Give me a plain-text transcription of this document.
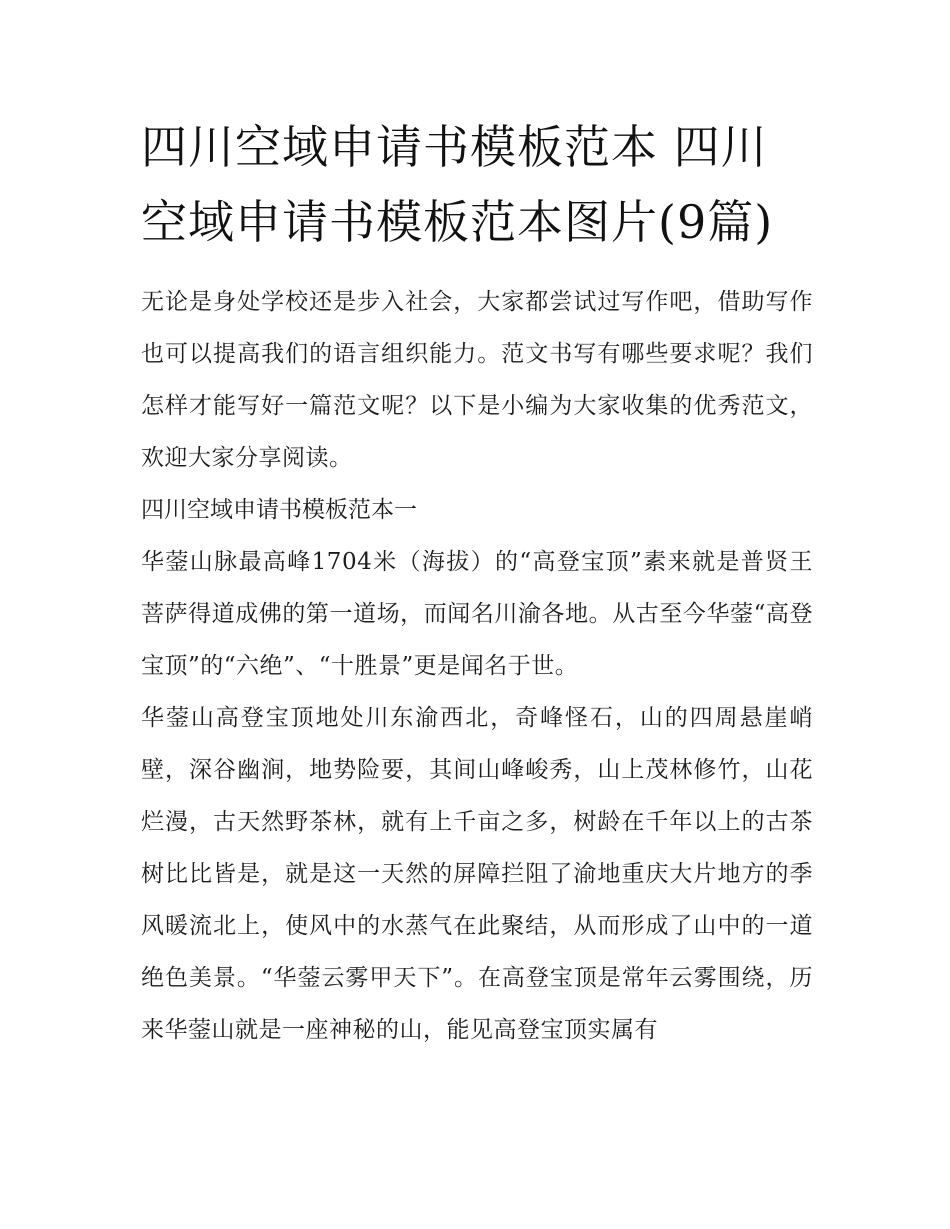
四川空域申请书模板范本 四川空域申请书模板范本图片(9篇)

无论是身处学校还是步入社会，大家都尝试过写作吧，借助写作也可以提高我们的语言组织能力。范文书写有哪些要求呢？我们怎样才能写好一篇范文呢？以下是小编为大家收集的优秀范文，欢迎大家分享阅读。

四川空域申请书模板范本一

华蓥山脉最高峰1704米（海拔）的“高登宝顶”素来就是普贤王菩萨得道成佛的第一道场，而闻名川渝各地。从古至今华蓥“高登宝顶”的“六绝”、“十胜景”更是闻名于世。

华蓥山高登宝顶地处川东渝西北，奇峰怪石，山的四周悬崖峭壁，深谷幽涧，地势险要，其间山峰峻秀，山上茂林修竹，山花烂漫，古天然野茶林，就有上千亩之多，树龄在千年以上的古茶树比比皆是，就是这一天然的屏障拦阻了渝地重庆大片地方的季风暖流北上，使风中的水蒸气在此聚结，从而形成了山中的一道绝色美景。“华蓥云雾甲天下”。在高登宝顶是常年云雾围绕，历来华蓥山就是一座神秘的山，能见高登宝顶实属有
